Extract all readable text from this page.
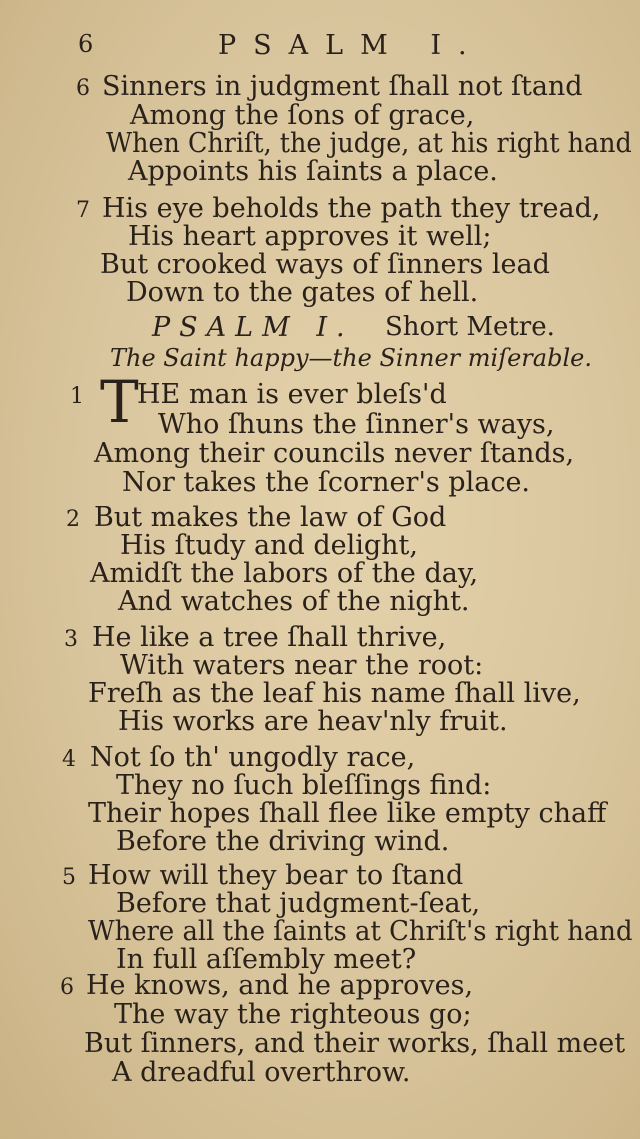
6	PSALM I.
6 Sinners in judgment ſhall not ſtand
Among the ſons of grace,
When Chriſt, the judge, at his right hand
Appoints his ſaints a place.
7 His eye beholds the path they tread,
His heart approves it well;
But crooked ways of ſinners lead
Down to the gates of hell.
PSALM I. Short Metre.
The Saint happy—the Sinner miſerable.
1 T
HE man is ever bleſs'd
Who ſhuns the ſinner's ways,
Among their councils never ſtands,
Nor takes the ſcorner's place.
2 But makes the law of God
His ſtudy and delight,
Amidſt the labors of the day,
And watches of the night.
3 He like a tree ſhall thrive,
With waters near the root:
Freſh as the leaf his name ſhall live,
His works are heav'nly fruit.
4 Not ſo th' ungodly race,
They no ſuch bleſſings find:
Their hopes ſhall flee like empty chaff
Before the driving wind.
5 How will they bear to ſtand
Before that judgment-ſeat,
Where all the ſaints at Chriſt's right hand
In full aſſembly meet?
6 He knows, and he approves,
The way the righteous go;
But ſinners, and their works, ſhall meet
A dreadful overthrow.
